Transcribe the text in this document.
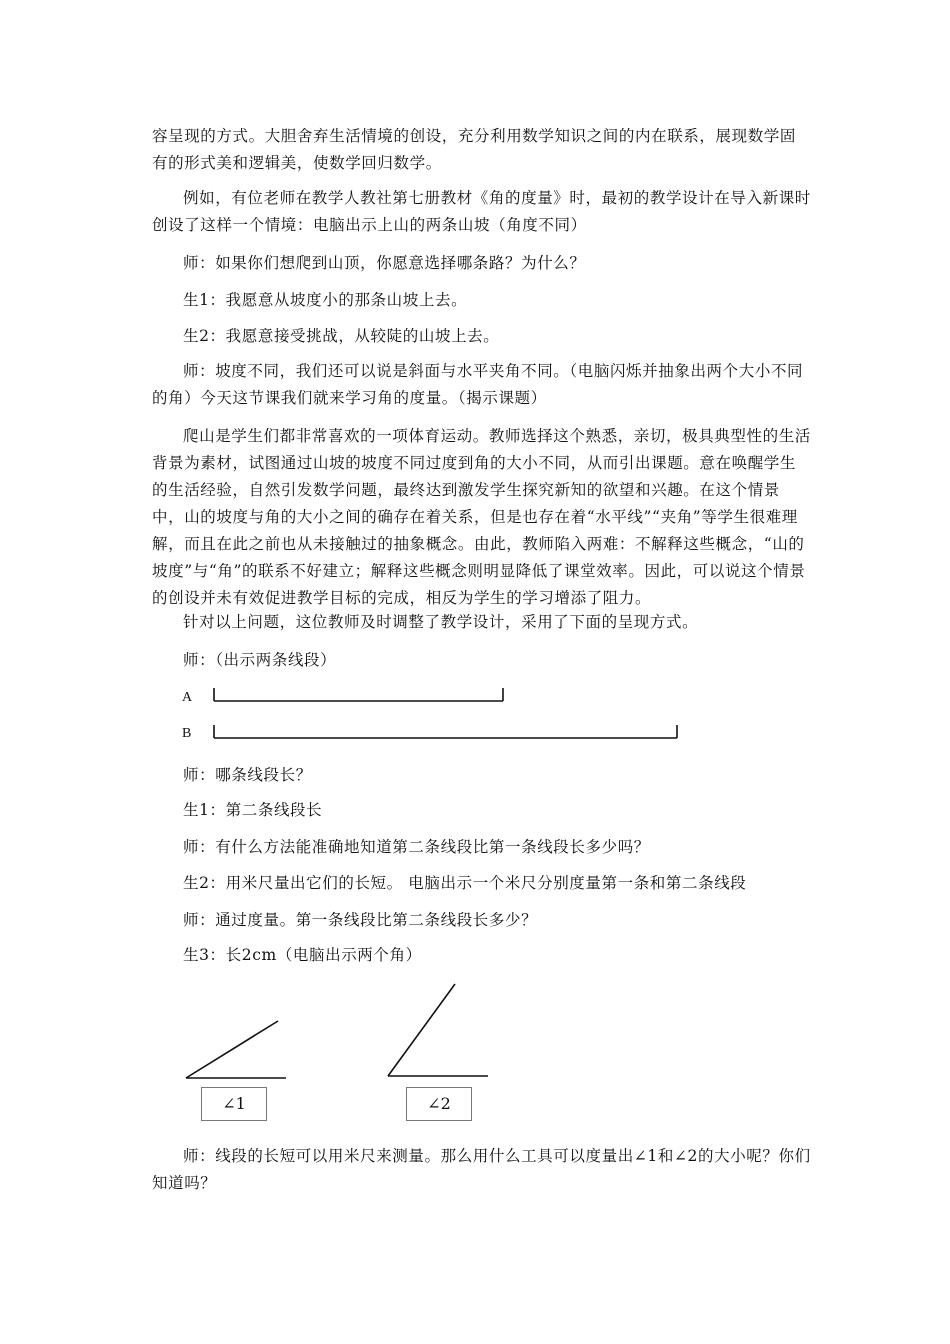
容呈现的方式。大胆舍弃生活情境的创设，充分利用数学知识之间的内在联系，展现数学固有的形式美和逻辑美，使数学回归数学。

例如，有位老师在教学人教社第七册教材《角的度量》时，最初的教学设计在导入新课时创设了这样一个情境：电脑出示上山的两条山坡（角度不同）

师：如果你们想爬到山顶，你愿意选择哪条路？为什么？

生1：我愿意从坡度小的那条山坡上去。

生2：我愿意接受挑战，从较陡的山坡上去。

师：坡度不同，我们还可以说是斜面与水平夹角不同。（电脑闪烁并抽象出两个大小不同的角）今天这节课我们就来学习角的度量。（揭示课题）

爬山是学生们都非常喜欢的一项体育运动。教师选择这个熟悉，亲切，极具典型性的生活背景为素材，试图通过山坡的坡度不同过度到角的大小不同，从而引出课题。意在唤醒学生的生活经验，自然引发数学问题，最终达到激发学生探究新知的欲望和兴趣。在这个情景中，山的坡度与角的大小之间的确存在着关系，但是也存在着“水平线”“夹角”等学生很难理解，而且在此之前也从未接触过的抽象概念。由此，教师陷入两难：不解释这些概念，“山的坡度”与“角”的联系不好建立；解释这些概念则明显降低了课堂效率。因此，可以说这个情景的创设并未有效促进教学目标的完成，相反为学生的学习增添了阻力。

针对以上问题，这位教师及时调整了教学设计，采用了下面的呈现方式。

师：（出示两条线段）

A
B

师：哪条线段长？

生1：第二条线段长

师：有什么方法能准确地知道第二条线段比第一条线段长多少吗？

生2：用米尺量出它们的长短。 电脑出示一个米尺分别度量第一条和第二条线段

师：通过度量。第一条线段比第二条线段长多少？

生3：长2cm（电脑出示两个角）

∠1	∠2

师：线段的长短可以用米尺来测量。那么用什么工具可以度量出∠1和∠2的大小呢？你们知道吗？
